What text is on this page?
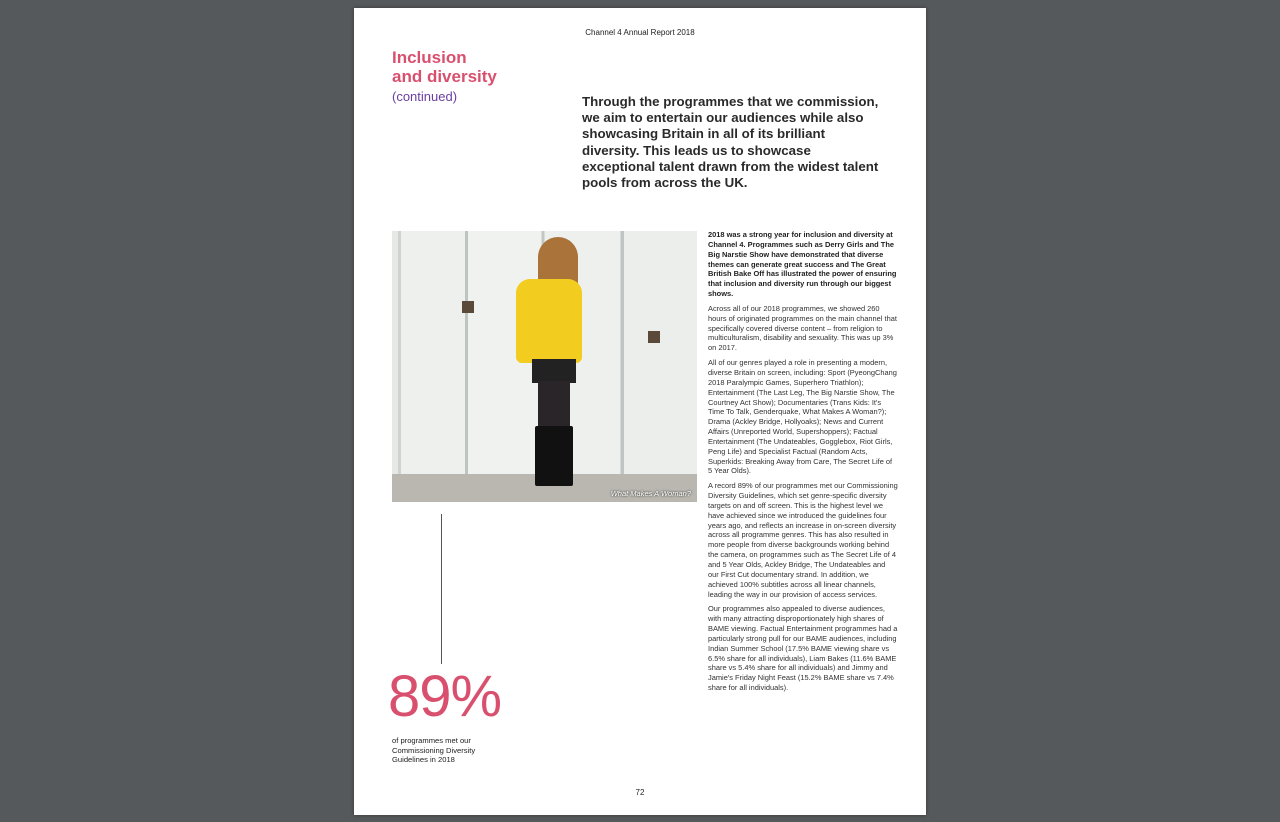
Channel 4 Annual Report 2018
Inclusion
and diversity
(continued)	Through the programmes that we commission, we aim to entertain our audiences while also showcasing Britain in all of its brilliant diversity. This leads us to showcase exceptional talent drawn from the widest talent pools from across the UK.
What Makes A Woman?
89%
of programmes met our Commissioning Diversity Guidelines in 2018

2018 was a strong year for inclusion and diversity at Channel 4. Programmes such as Derry Girls and The Big Narstie Show have demonstrated that diverse themes can generate great success and The Great British Bake Off has illustrated the power of ensuring that inclusion and diversity run through our biggest shows.

Across all of our 2018 programmes, we showed 260 hours of originated programmes on the main channel that specifically covered diverse content – from religion to multiculturalism, disability and sexuality. This was up 3% on 2017.

All of our genres played a role in presenting a modern, diverse Britain on screen, including: Sport (PyeongChang 2018 Paralympic Games, Superhero Triathlon); Entertainment (The Last Leg, The Big Narstie Show, The Courtney Act Show); Documentaries (Trans Kids: It's Time To Talk, Genderquake, What Makes A Woman?); Drama (Ackley Bridge, Hollyoaks); News and Current Affairs (Unreported World, Supershoppers); Factual Entertainment (The Undateables, Gogglebox, Riot Girls, Peng Life) and Specialist Factual (Random Acts, Superkids: Breaking Away from Care, The Secret Life of 5 Year Olds).

A record 89% of our programmes met our Commissioning Diversity Guidelines, which set genre-specific diversity targets on and off screen. This is the highest level we have achieved since we introduced the guidelines four years ago, and reflects an increase in on-screen diversity across all programme genres. This has also resulted in more people from diverse backgrounds working behind the camera, on programmes such as The Secret Life of 4 and 5 Year Olds, Ackley Bridge, The Undateables and our First Cut documentary strand. In addition, we achieved 100% subtitles across all linear channels, leading the way in our provision of access services.

Our programmes also appealed to diverse audiences, with many attracting disproportionately high shares of BAME viewing. Factual Entertainment programmes had a particularly strong pull for our BAME audiences, including Indian Summer School (17.5% BAME viewing share vs 6.5% share for all individuals), Liam Bakes (11.6% BAME share vs 5.4% share for all individuals) and Jimmy and Jamie's Friday Night Feast (15.2% BAME share vs 7.4% share for all individuals).

72
